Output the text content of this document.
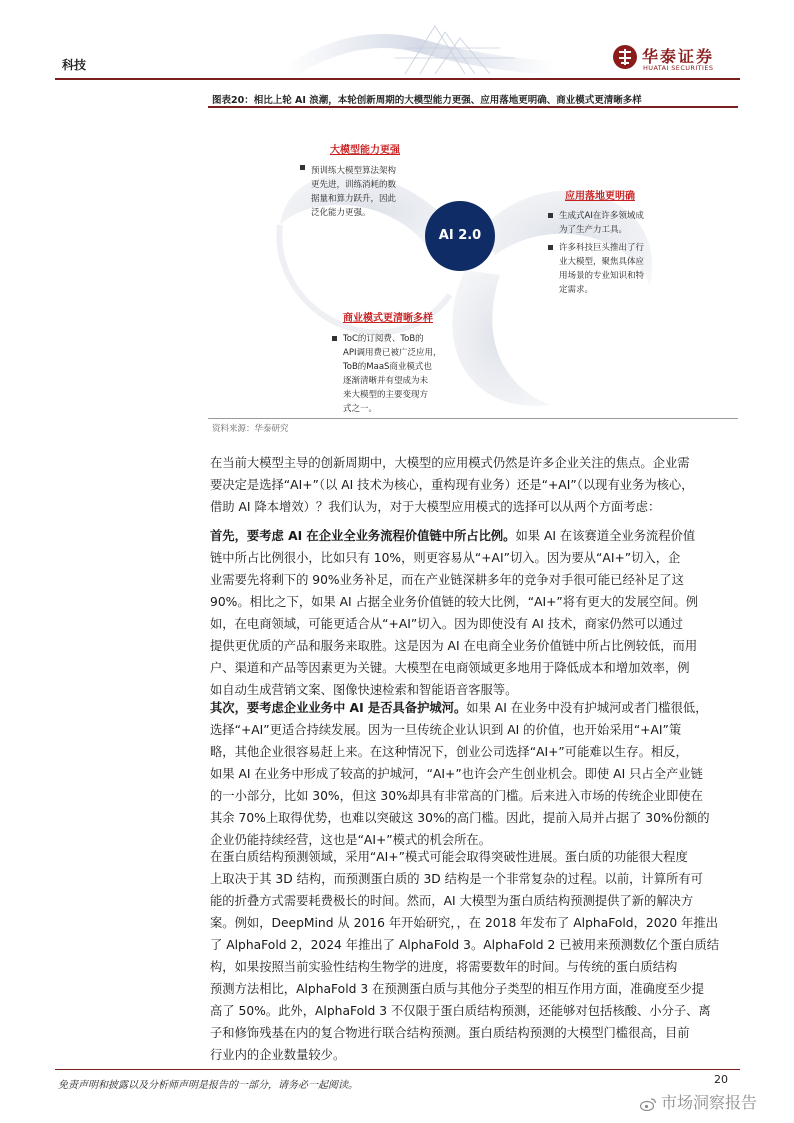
科技	华泰证券
HUATAI SECURITIES
图表20：相比上轮 AI 浪潮，本轮创新周期的大模型能力更强、应用落地更明确、商业模式更清晰多样
大模型能力更强
预训练大模型算法架构
更先进，训练消耗的数
据量和算力跃升，因此
泛化能力更强。
应用落地更明确
生成式AI在许多领域成
为了生产力工具。
许多科技巨头推出了行
业大模型，聚焦具体应
用场景的专业知识和特
定需求。
AI 2.0
商业模式更清晰多样
ToC的订阅费、ToB的
API调用费已被广泛应用，
ToB的MaaS商业模式也
逐渐清晰并有望成为未
来大模型的主要变现方
式之一。
资料来源：华泰研究
在当前大模型主导的创新周期中，大模型的应用模式仍然是许多企业关注的焦点。企业需
要决定是选择“AI+”（以 AI 技术为核心，重构现有业务）还是“+AI”（以现有业务为核心，
借助 AI 降本增效）？我们认为，对于大模型应用模式的选择可以从两个方面考虑：
首先，要考虑 AI 在企业全业务流程价值链中所占比例。如果 AI 在该赛道全业务流程价值
链中所占比例很小，比如只有 10%，则更容易从“+AI”切入。因为要从“AI+”切入，企
业需要先将剩下的 90%业务补足，而在产业链深耕多年的竞争对手很可能已经补足了这
90%。相比之下，如果 AI 占据全业务价值链的较大比例，“AI+”将有更大的发展空间。例
如，在电商领域，可能更适合从“+AI”切入。因为即使没有 AI 技术，商家仍然可以通过
提供更优质的产品和服务来取胜。这是因为 AI 在电商全业务价值链中所占比例较低，而用
户、渠道和产品等因素更为关键。大模型在电商领域更多地用于降低成本和增加效率，例
如自动生成营销文案、图像快速检索和智能语音客服等。
其次，要考虑企业业务中 AI 是否具备护城河。如果 AI 在业务中没有护城河或者门槛很低，
选择“+AI”更适合持续发展。因为一旦传统企业认识到 AI 的价值，也开始采用“+AI”策
略，其他企业很容易赶上来。在这种情况下，创业公司选择“AI+”可能难以生存。相反，
如果 AI 在业务中形成了较高的护城河，“AI+”也许会产生创业机会。即使 AI 只占全产业链
的一小部分，比如 30%，但这 30%却具有非常高的门槛。后来进入市场的传统企业即使在
其余 70%上取得优势，也难以突破这 30%的高门槛。因此，提前入局并占据了 30%份额的
企业仍能持续经营，这也是“AI+”模式的机会所在。
在蛋白质结构预测领域，采用“AI+”模式可能会取得突破性进展。蛋白质的功能很大程度
上取决于其 3D 结构，而预测蛋白质的 3D 结构是一个非常复杂的过程。以前，计算所有可
能的折叠方式需要耗费极长的时间。然而，AI 大模型为蛋白质结构预测提供了新的解决方
案。例如，DeepMind 从 2016 年开始研究，，在 2018 年发布了 AlphaFold，2020 年推出
了 AlphaFold 2，2024 年推出了 AlphaFold 3。AlphaFold 2 已被用来预测数亿个蛋白质结
构，如果按照当前实验性结构生物学的进度，将需要数年的时间。与传统的蛋白质结构
预测方法相比，AlphaFold 3 在预测蛋白质与其他分子类型的相互作用方面，准确度至少提
高了 50%。此外，AlphaFold 3 不仅限于蛋白质结构预测，还能够对包括核酸、小分子、离
子和修饰残基在内的复合物进行联合结构预测。蛋白质结构预测的大模型门槛很高，目前
行业内的企业数量较少。
免责声明和披露以及分析师声明是报告的一部分，请务必一起阅读。	20
市场洞察报告
